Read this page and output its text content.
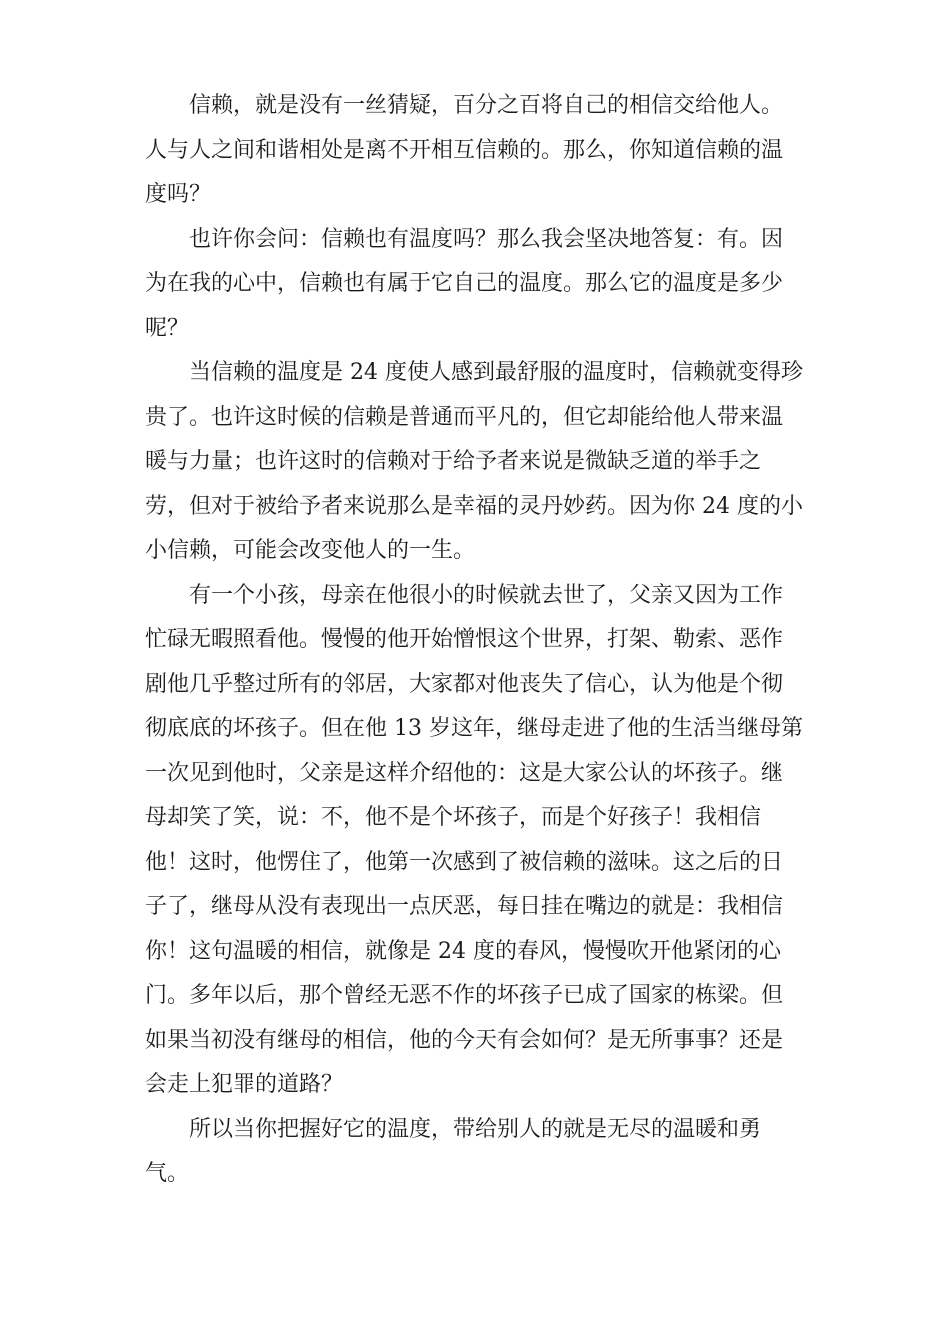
信赖，就是没有一丝猜疑，百分之百将自己的相信交给他人。
人与人之间和谐相处是离不开相互信赖的。那么，你知道信赖的温
度吗？

也许你会问：信赖也有温度吗？那么我会坚决地答复：有。因
为在我的心中，信赖也有属于它自己的温度。那么它的温度是多少
呢？

当信赖的温度是 24 度使人感到最舒服的温度时，信赖就变得珍
贵了。也许这时候的信赖是普通而平凡的，但它却能给他人带来温
暖与力量；也许这时的信赖对于给予者来说是微缺乏道的举手之
劳，但对于被给予者来说那么是幸福的灵丹妙药。因为你 24 度的小
小信赖，可能会改变他人的一生。

有一个小孩，母亲在他很小的时候就去世了，父亲又因为工作
忙碌无暇照看他。慢慢的他开始憎恨这个世界，打架、勒索、恶作
剧他几乎整过所有的邻居，大家都对他丧失了信心，认为他是个彻
彻底底的坏孩子。但在他 13 岁这年，继母走进了他的生活当继母第
一次见到他时，父亲是这样介绍他的：这是大家公认的坏孩子。继
母却笑了笑，说：不，他不是个坏孩子，而是个好孩子！我相信
他！这时，他愣住了，他第一次感到了被信赖的滋味。这之后的日
子了，继母从没有表现出一点厌恶，每日挂在嘴边的就是：我相信
你！这句温暖的相信，就像是 24 度的春风，慢慢吹开他紧闭的心
门。多年以后，那个曾经无恶不作的坏孩子已成了国家的栋梁。但
如果当初没有继母的相信，他的今天有会如何？是无所事事？还是
会走上犯罪的道路？

所以当你把握好它的温度，带给别人的就是无尽的温暖和勇
气。
